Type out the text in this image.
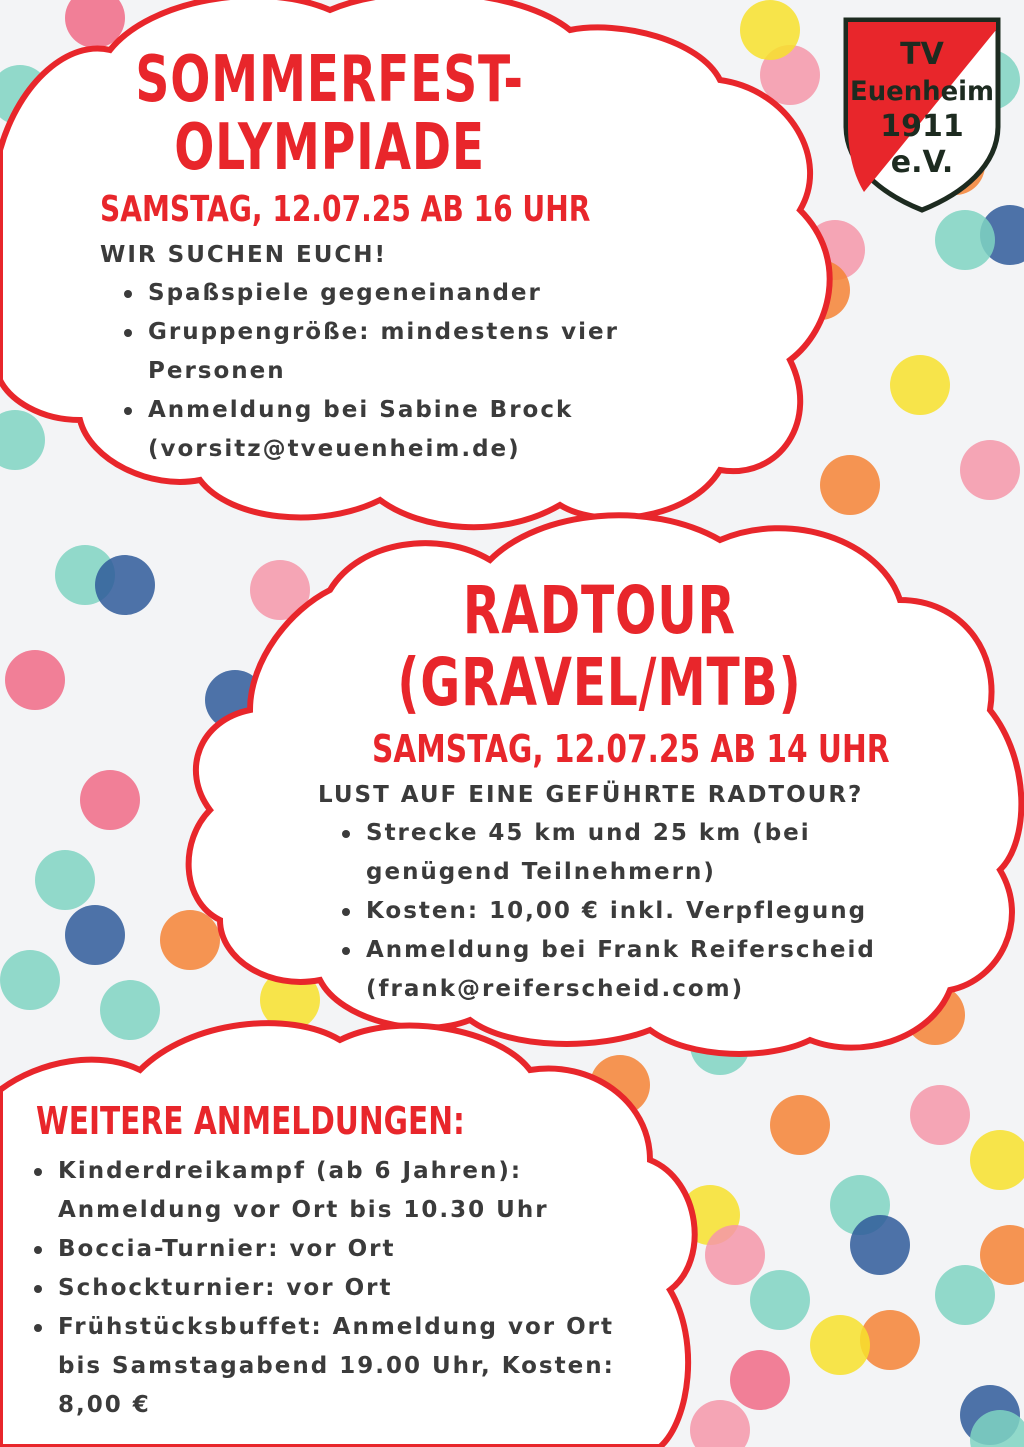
TV
Euenheim
1911
e.V.
SOMMERFEST-
OLYMPIADE
SAMSTAG, 12.07.25 AB 16 UHR

WIR SUCHEN EUCH!

Spaßspiele gegeneinander
Gruppengröße: mindestens vier Personen
Anmeldung bei Sabine Brock (vorsitz@tveuenheim.de)
RADTOUR
(GRAVEL/MTB)
SAMSTAG, 12.07.25 AB 14 UHR

LUST AUF EINE GEFÜHRTE RADTOUR?

Strecke 45 km und 25 km (bei genügend Teilnehmern)
Kosten: 10,00 € inkl. Verpflegung
Anmeldung bei Frank Reiferscheid (frank@reiferscheid.com)
WEITERE ANMELDUNGEN:
Kinderdreikampf (ab 6 Jahren): Anmeldung vor Ort bis 10.30 Uhr
Boccia-Turnier: vor Ort
Schockturnier: vor Ort
Frühstücksbuffet: Anmeldung vor Ort bis Samstagabend 19.00 Uhr, Kosten: 8,00 €
